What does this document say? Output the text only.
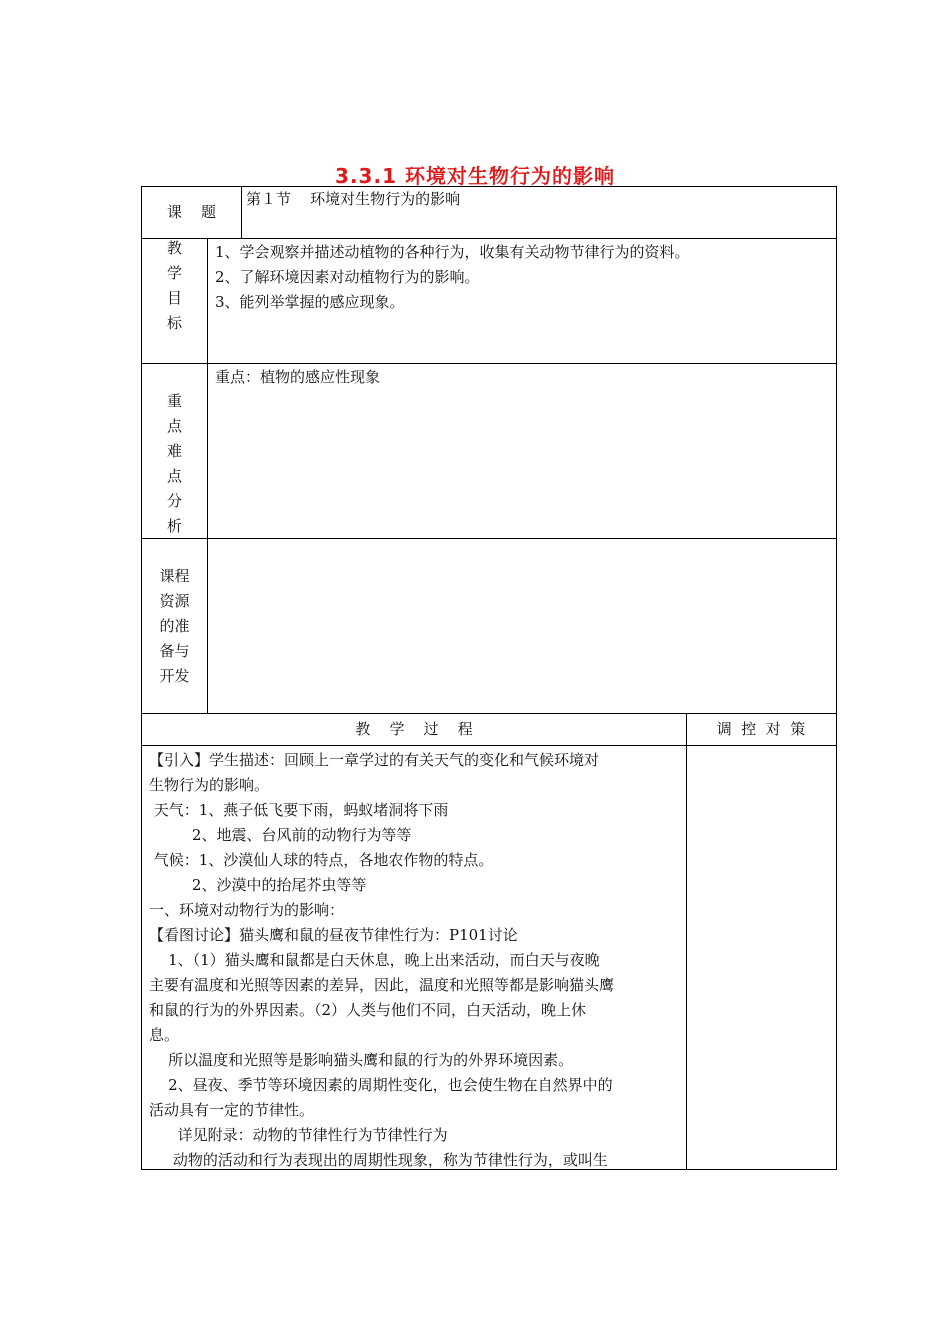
3.3.1 环境对生物行为的影响
课    题
第１节    环境对生物行为的影响
教
学
目
标
1、学会观察并描述动植物的各种行为，收集有关动物节律行为的资料。
2、了解环境因素对动植物行为的影响。
3、能列举掌握的感应现象。
重
点
难
点
分
析
重点：植物的感应性现象
课程
资源
的准
备与
开发
教    学    过    程	调  控  对  策
【引入】学生描述：回顾上一章学过的有关天气的变化和气候环境对
生物行为的影响。
天气：1、燕子低飞要下雨，蚂蚁堵洞将下雨
2、地震、台风前的动物行为等等
气候：1、沙漠仙人球的特点，各地农作物的特点。
2、沙漠中的抬尾芥虫等等
一、环境对动物行为的影响：
【看图讨论】猫头鹰和鼠的昼夜节律性行为：P101讨论
1、（1）猫头鹰和鼠都是白天休息，晚上出来活动，而白天与夜晚
主要有温度和光照等因素的差异，因此，温度和光照等都是影响猫头鹰
和鼠的行为的外界因素。（2）人类与他们不同，白天活动，晚上休
息。
所以温度和光照等是影响猫头鹰和鼠的行为的外界环境因素。
2、昼夜、季节等环境因素的周期性变化，也会使生物在自然界中的
活动具有一定的节律性。
详见附录：动物的节律性行为节律性行为
动物的活动和行为表现出的周期性现象，称为节律性行为，或叫生
